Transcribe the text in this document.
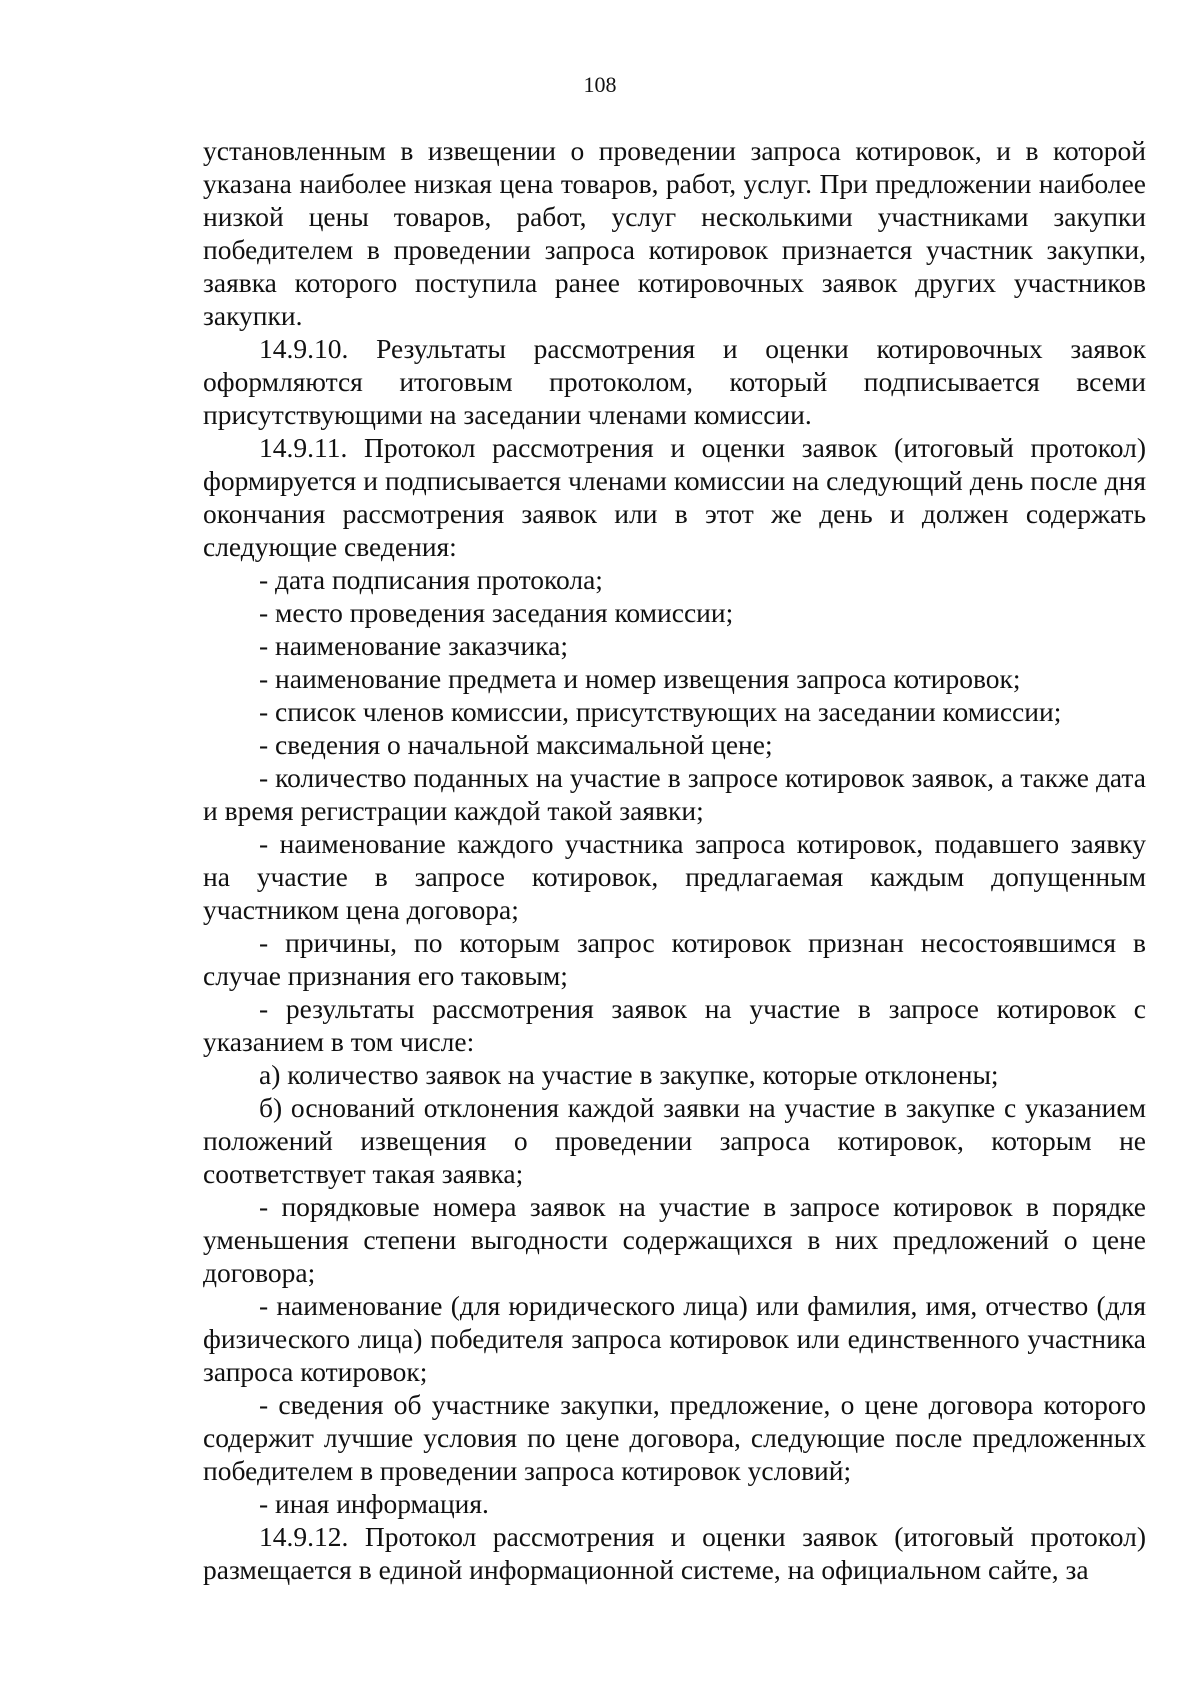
108

установленным в извещении о проведении запроса котировок, и в которой указана наиболее низкая цена товаров, работ, услуг. При предложении наиболее низкой цены товаров, работ, услуг несколькими участниками закупки победителем в проведении запроса котировок признается участник закупки, заявка которого поступила ранее котировочных заявок других участников закупки.

14.9.10. Результаты рассмотрения и оценки котировочных заявок оформляются итоговым протоколом, который подписывается всеми присутствующими на заседании членами комиссии.

14.9.11. Протокол рассмотрения и оценки заявок (итоговый протокол) формируется и подписывается членами комиссии на следующий день после дня окончания рассмотрения заявок или в этот же день и должен содержать следующие сведения:

- дата подписания протокола;

- место проведения заседания комиссии;

- наименование заказчика;

- наименование предмета и номер извещения запроса котировок;

- список членов комиссии, присутствующих на заседании комиссии;

- сведения о начальной максимальной цене;

- количество поданных на участие в запросе котировок заявок, а также дата и время регистрации каждой такой заявки;

- наименование каждого участника запроса котировок, подавшего заявку на участие в запросе котировок, предлагаемая каждым допущенным участником цена договора;

- причины, по которым запрос котировок признан несостоявшимся в случае признания его таковым;

- результаты рассмотрения заявок на участие в запросе котировок с указанием в том числе:

а) количество заявок на участие в закупке, которые отклонены;

б) оснований отклонения каждой заявки на участие в закупке с указанием положений извещения о проведении запроса котировок, которым не соответствует такая заявка;

- порядковые номера заявок на участие в запросе котировок в порядке уменьшения степени выгодности содержащихся в них предложений о цене договора;

- наименование (для юридического лица) или фамилия, имя, отчество (для физического лица) победителя запроса котировок или единственного участника запроса котировок;

- сведения об участнике закупки, предложение, о цене договора которого содержит лучшие условия по цене договора, следующие после предложенных победителем в проведении запроса котировок условий;

- иная информация.

14.9.12. Протокол рассмотрения и оценки заявок (итоговый протокол) размещается в единой информационной системе, на официальном сайте, за
